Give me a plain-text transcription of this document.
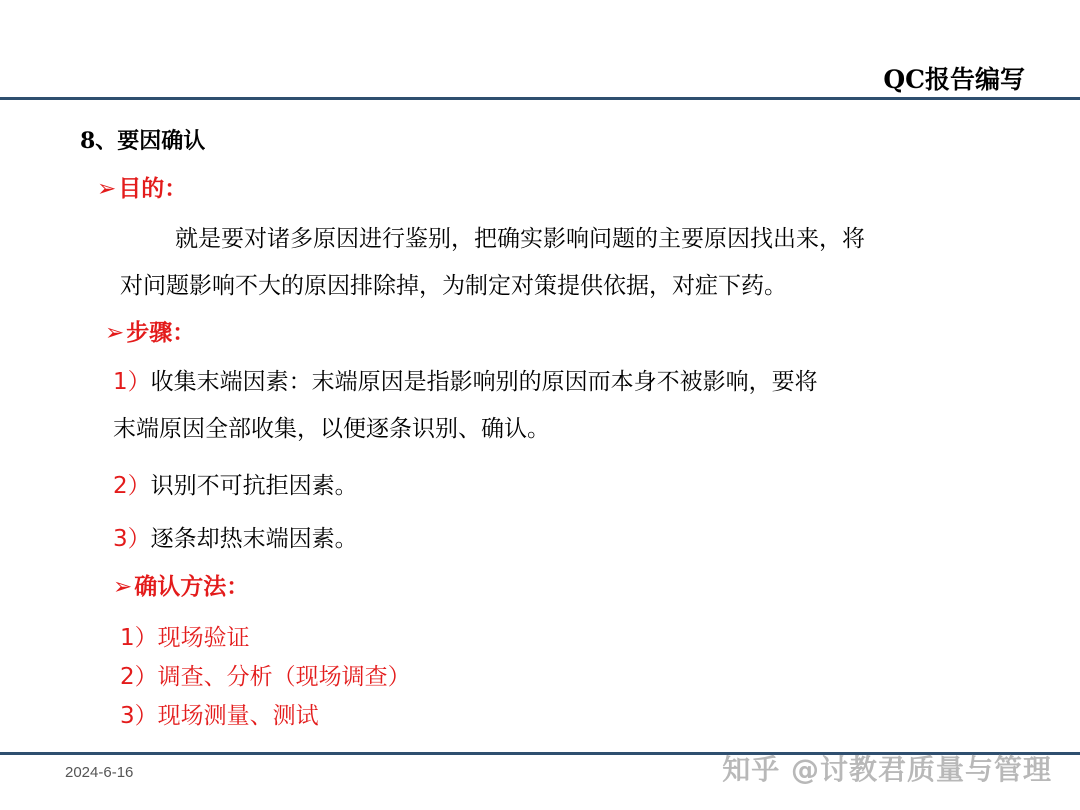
QC报告编写
8、要因确认
➢目的：
就是要对诸多原因进行鉴别，把确实影响问题的主要原因找出来，将
对问题影响不大的原因排除掉，为制定对策提供依据，对症下药。
➢步骤：
1）收集末端因素：末端原因是指影响别的原因而本身不被影响，要将
末端原因全部收集，以便逐条识别、确认。
2）识别不可抗拒因素。
3）逐条却热末端因素。
➢确认方法：
1）现场验证
2）调查、分析（现场调查）
3）现场测量、测试
2024-6-16	知乎 @讨教君质量与管理
